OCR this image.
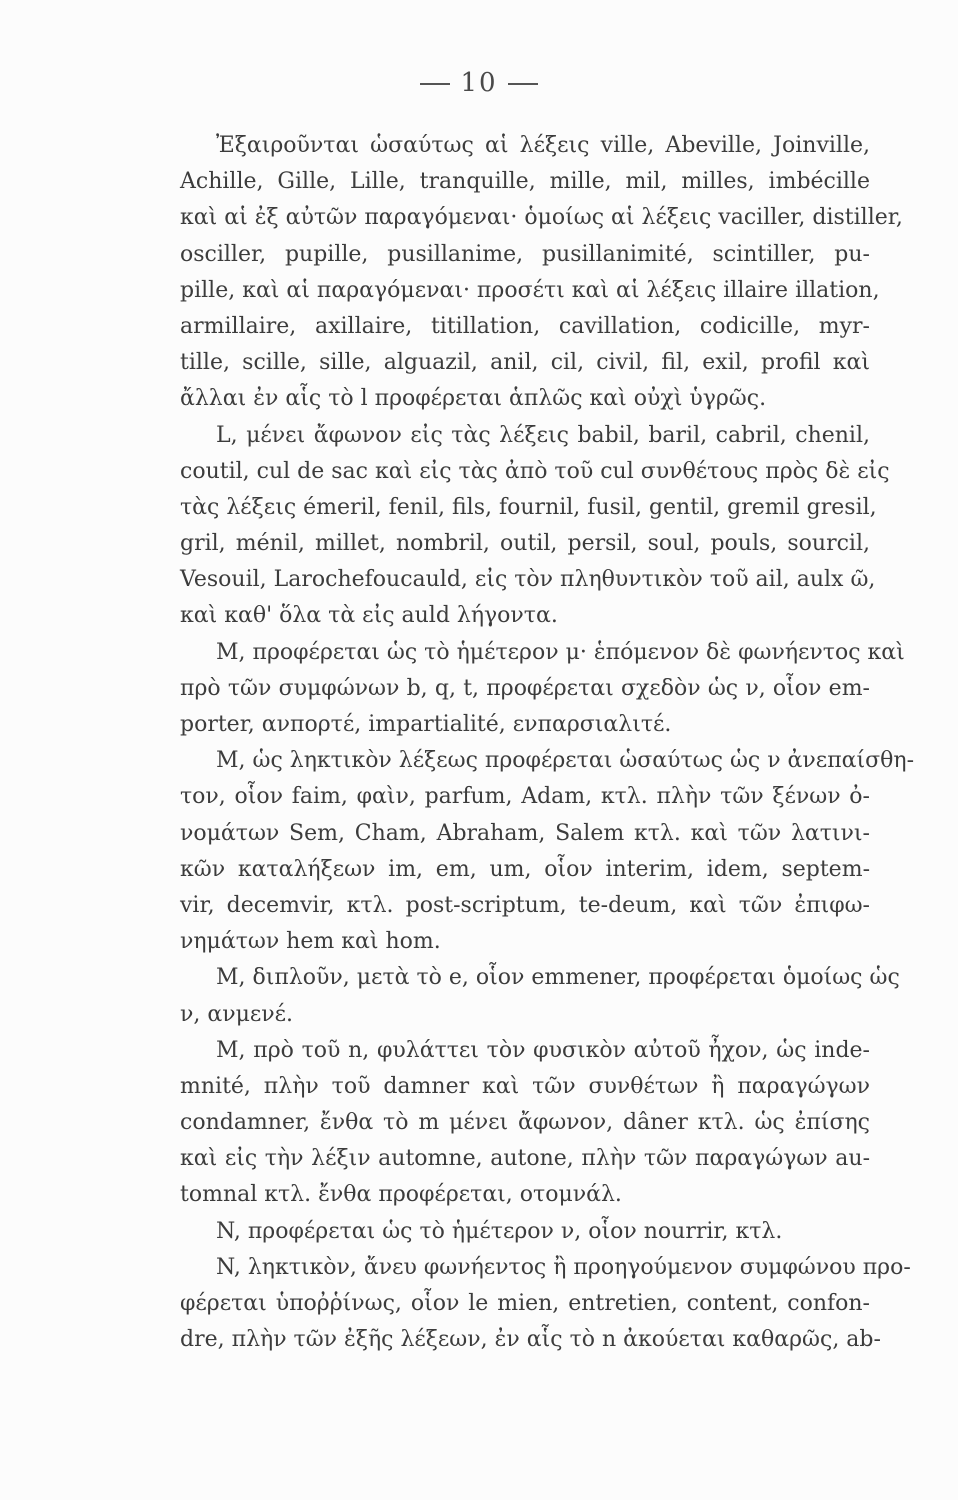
10
Ἐξαιροῦνται ὡσαύτως αἱ λέξεις ville, Abeville, Joinville,
Achille, Gille, Lille, tranquille, mille, mil, milles, imbécille
καὶ αἱ ἐξ αὐτῶν παραγόμεναι· ὁμοίως αἱ λέξεις vaciller, distiller,
osciller, pupille, pusillanime, pusillanimité, scintiller, pu-
pille, καὶ αἱ παραγόμεναι· προσέτι καὶ αἱ λέξεις illaire illation,
armillaire, axillaire, titillation, cavillation, codicille, myr-
tille, scille, sille, alguazil, anil, cil, civil, fil, exil, profil καὶ
ἄλλαι ἐν αἷς τὸ l προφέρεται ἁπλῶς καὶ οὐχὶ ὑγρῶς.
L, μένει ἄφωνον εἰς τὰς λέξεις babil, baril, cabril, chenil,
coutil, cul de sac καὶ εἰς τὰς ἀπὸ τοῦ cul συνθέτους πρὸς δὲ εἰς
τὰς λέξεις émeril, fenil, fils, fournil, fusil, gentil, gremil gresil,
gril, ménil, millet, nombril, outil, persil, soul, pouls, sourcil,
Vesouil, Larochefoucauld, εἰς τὸν πληθυντικὸν τοῦ ail, aulx ῶ,
καὶ καθ' ὅλα τὰ εἰς auld λήγοντα.
M, προφέρεται ὡς τὸ ἡμέτερον μ· ἑπόμενον δὲ φωνήεντος καὶ
πρὸ τῶν συμφώνων b, q, t, προφέρεται σχεδὸν ὡς ν, οἷον em-
porter, ανπορτέ, impartialité, ενπαρσιαλιτέ.
M, ὡς ληκτικὸν λέξεως προφέρεται ὡσαύτως ὡς ν ἀνεπαίσθη-
τον, οἷον faim, φαὶν, parfum, Adam, κτλ. πλὴν τῶν ξένων ὀ-
νομάτων Sem, Cham, Abraham, Salem κτλ. καὶ τῶν λατινι-
κῶν καταλήξεων im, em, um, οἷον interim, idem, septem-
vir, decemvir, κτλ. post-scriptum, te-deum, καὶ τῶν ἐπιφω-
νημάτων hem καὶ hom.
M, διπλοῦν, μετὰ τὸ e, οἷον emmener, προφέρεται ὁμοίως ὡς
ν, ανμενέ.
M, πρὸ τοῦ n, φυλάττει τὸν φυσικὸν αὐτοῦ ἦχον, ὡς inde-
mnité, πλὴν τοῦ damner καὶ τῶν συνθέτων ἢ παραγώγων
condamner, ἔνθα τὸ m μένει ἄφωνον, dâner κτλ. ὡς ἐπίσης
καὶ εἰς τὴν λέξιν automne, autone, πλὴν τῶν παραγώγων au-
tomnal κτλ. ἔνθα προφέρεται, οτομνάλ.
N, προφέρεται ὡς τὸ ἡμέτερον ν, οἷον nourrir, κτλ.
N, ληκτικὸν, ἄνευ φωνήεντος ἢ προηγούμενον συμφώνου προ-
φέρεται ὑποῤῥίνως, οἷον le mien, entretien, content, confon-
dre, πλὴν τῶν ἐξῆς λέξεων, ἐν αἷς τὸ n ἀκούεται καθαρῶς, ab-
